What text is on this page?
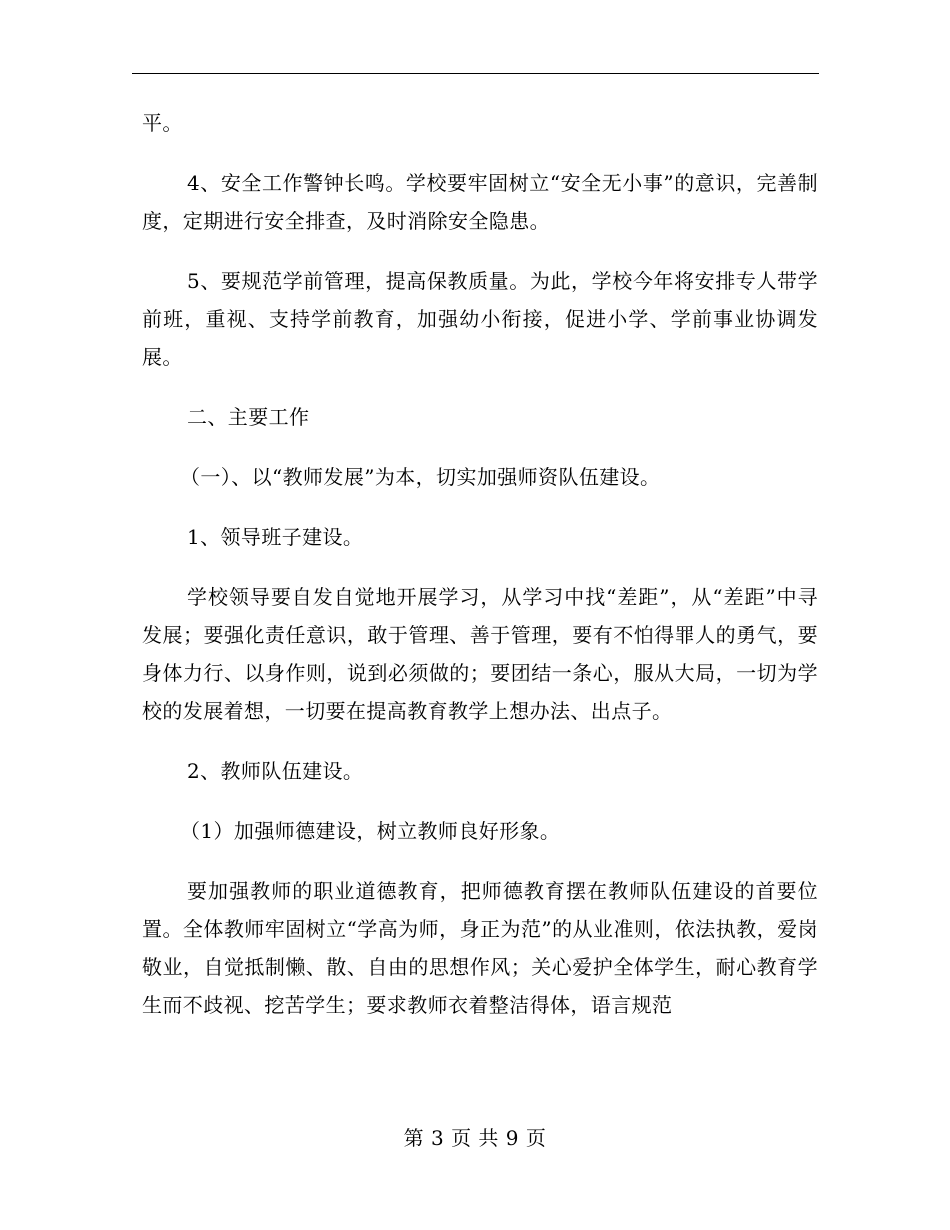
平。

4、安全工作警钟长鸣。学校要牢固树立“安全无小事”的意识，完善制度，定期进行安全排查，及时消除安全隐患。

5、要规范学前管理，提高保教质量。为此，学校今年将安排专人带学前班，重视、支持学前教育，加强幼小衔接，促进小学、学前事业协调发展。

二、主要工作

（一）、以“教师发展”为本，切实加强师资队伍建设。

1、领导班子建设。

学校领导要自发自觉地开展学习，从学习中找“差距”，从“差距”中寻发展；要强化责任意识，敢于管理、善于管理，要有不怕得罪人的勇气，要身体力行、以身作则，说到必须做的；要团结一条心，服从大局，一切为学校的发展着想，一切要在提高教育教学上想办法、出点子。

2、教师队伍建设。

（1）加强师德建设，树立教师良好形象。

要加强教师的职业道德教育，把师德教育摆在教师队伍建设的首要位置。全体教师牢固树立“学高为师，身正为范”的从业准则，依法执教，爱岗敬业，自觉抵制懒、散、自由的思想作风；关心爱护全体学生，耐心教育学生而不歧视、挖苦学生；要求教师衣着整洁得体，语言规范

第 3 页 共 9 页
